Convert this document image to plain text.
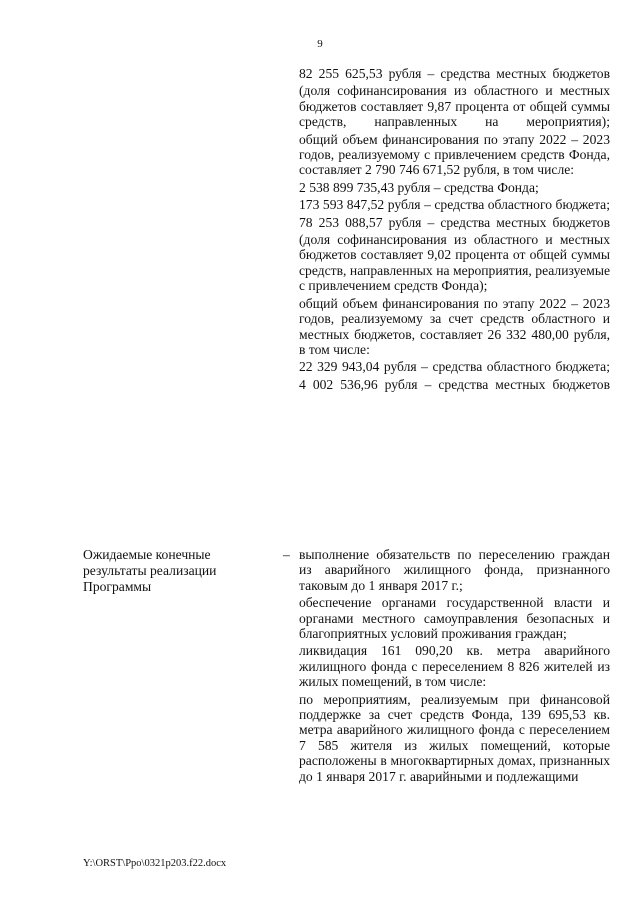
9
82 255 625,53 рубля – средства местных бюджетов
(доля софинансирования из областного и местных бюджетов составляет 9,87 процента от общей суммы средств, направленных на мероприятия);
общий объем финансирования по этапу 2022 – 2023 годов, реализуемому с привлечением средств Фонда, составляет 2 790 746 671,52 рубля, в том числе:
2 538 899 735,43 рубля – средства Фонда;
173 593 847,52 рубля – средства областного бюджета;
78 253 088,57 рубля – средства местных бюджетов
(доля софинансирования из областного и местных бюджетов составляет 9,02 процента от общей суммы средств, направленных на мероприятия, реализуемые с привлечением средств Фонда);
общий объем финансирования по этапу 2022 – 2023 годов, реализуемому за счет средств областного и местных бюджетов, составляет 26 332 480,00 рубля, в том числе:
22 329 943,04 рубля – средства областного бюджета;
4 002 536,96 рубля – средства местных бюджетов
выполнение обязательств по переселению граждан из аварийного жилищного фонда, признанного таковым до 1 января 2017 г.;
обеспечение органами государственной власти и органами местного самоуправления безопасных и благоприятных условий проживания граждан;
ликвидация 161 090,20 кв. метра аварийного жилищного фонда с переселением 8 826 жителей из жилых помещений, в том числе:
по мероприятиям, реализуемым при финансовой поддержке за счет средств Фонда, 139 695,53 кв. метра аварийного жилищного фонда с переселением 7 585 жителя из жилых помещений, которые расположены в многоквартирных домах, признанных до 1 января 2017 г. аварийными и подлежащими
Ожидаемые конечные результаты реализации Программы
–
Y:\ORST\Ppo\0321p203.f22.docx
